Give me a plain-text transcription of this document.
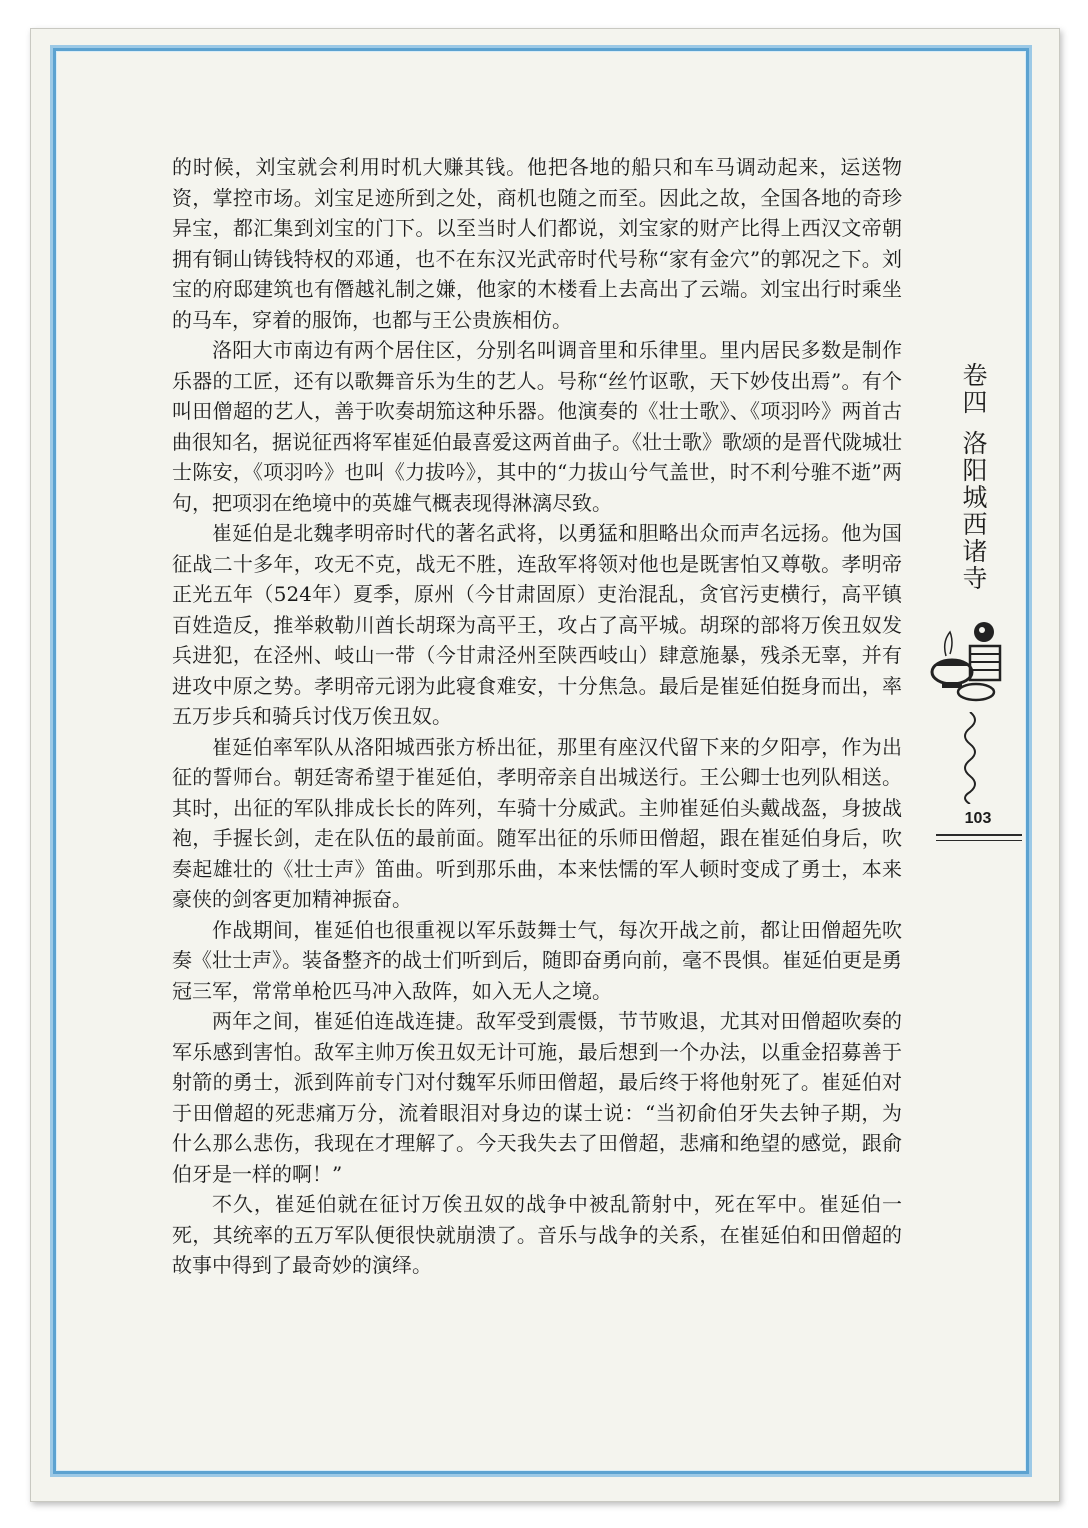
的时候，刘宝就会利用时机大赚其钱。他把各地的船只和车马调动起来，运送物资，掌控市场。刘宝足迹所到之处，商机也随之而至。因此之故，全国各地的奇珍异宝，都汇集到刘宝的门下。以至当时人们都说，刘宝家的财产比得上西汉文帝朝拥有铜山铸钱特权的邓通，也不在东汉光武帝时代号称“家有金穴”的郭况之下。刘宝的府邸建筑也有僭越礼制之嫌，他家的木楼看上去高出了云端。刘宝出行时乘坐的马车，穿着的服饰，也都与王公贵族相仿。

洛阳大市南边有两个居住区，分别名叫调音里和乐律里。里内居民多数是制作乐器的工匠，还有以歌舞音乐为生的艺人。号称“丝竹讴歌，天下妙伎出焉”。有个叫田僧超的艺人，善于吹奏胡笳这种乐器。他演奏的《壮士歌》、《项羽吟》两首古曲很知名，据说征西将军崔延伯最喜爱这两首曲子。《壮士歌》歌颂的是晋代陇城壮士陈安，《项羽吟》也叫《力拔吟》，其中的“力拔山兮气盖世，时不利兮骓不逝”两句，把项羽在绝境中的英雄气概表现得淋漓尽致。

崔延伯是北魏孝明帝时代的著名武将，以勇猛和胆略出众而声名远扬。他为国征战二十多年，攻无不克，战无不胜，连敌军将领对他也是既害怕又尊敬。孝明帝正光五年（524年）夏季，原州（今甘肃固原）吏治混乱，贪官污吏横行，高平镇百姓造反，推举敕勒川酋长胡琛为高平王，攻占了高平城。胡琛的部将万俟丑奴发兵进犯，在泾州、岐山一带（今甘肃泾州至陕西岐山）肆意施暴，残杀无辜，并有进攻中原之势。孝明帝元诩为此寝食难安，十分焦急。最后是崔延伯挺身而出，率五万步兵和骑兵讨伐万俟丑奴。

崔延伯率军队从洛阳城西张方桥出征，那里有座汉代留下来的夕阳亭，作为出征的誓师台。朝廷寄希望于崔延伯，孝明帝亲自出城送行。王公卿士也列队相送。其时，出征的军队排成长长的阵列，车骑十分威武。主帅崔延伯头戴战盔，身披战袍，手握长剑，走在队伍的最前面。随军出征的乐师田僧超，跟在崔延伯身后，吹奏起雄壮的《壮士声》笛曲。听到那乐曲，本来怯懦的军人顿时变成了勇士，本来豪侠的剑客更加精神振奋。

作战期间，崔延伯也很重视以军乐鼓舞士气，每次开战之前，都让田僧超先吹奏《壮士声》。装备整齐的战士们听到后，随即奋勇向前，毫不畏惧。崔延伯更是勇冠三军，常常单枪匹马冲入敌阵，如入无人之境。

两年之间，崔延伯连战连捷。敌军受到震慑，节节败退，尤其对田僧超吹奏的军乐感到害怕。敌军主帅万俟丑奴无计可施，最后想到一个办法，以重金招募善于射箭的勇士，派到阵前专门对付魏军乐师田僧超，最后终于将他射死了。崔延伯对于田僧超的死悲痛万分，流着眼泪对身边的谋士说：“当初俞伯牙失去钟子期，为什么那么悲伤，我现在才理解了。今天我失去了田僧超，悲痛和绝望的感觉，跟俞伯牙是一样的啊！”

不久，崔延伯就在征讨万俟丑奴的战争中被乱箭射中，死在军中。崔延伯一死，其统率的五万军队便很快就崩溃了。音乐与战争的关系，在崔延伯和田僧超的故事中得到了最奇妙的演绎。

卷四洛阳城西诸寺
103
